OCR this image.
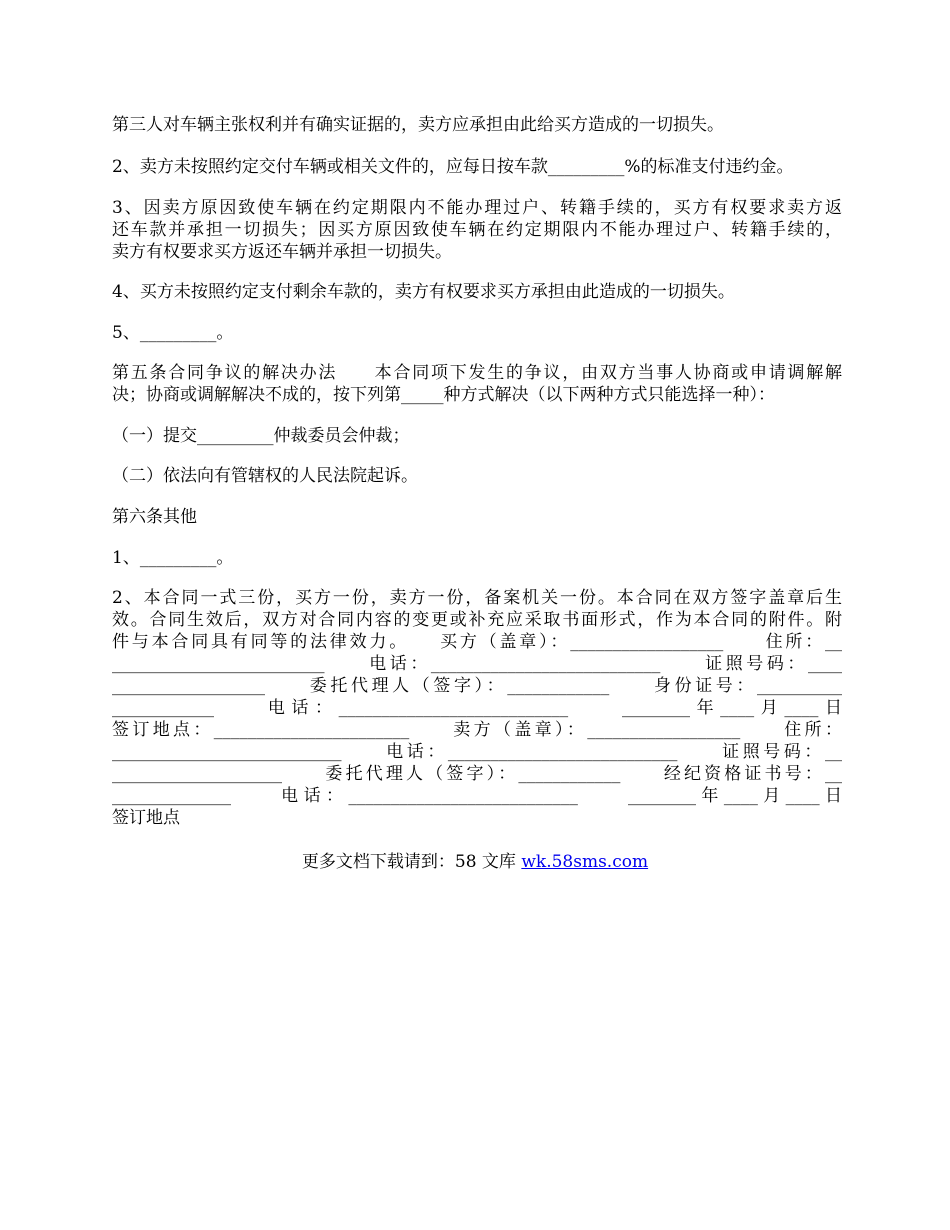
第三人对车辆主张权利并有确实证据的，卖方应承担由此给买方造成的一切损失。
2、卖方未按照约定交付车辆或相关文件的，应每日按车款_________%的标准支付违约金。
3、因卖方原因致使车辆在约定期限内不能办理过户、转籍手续的，买方有权要求卖方返
还车款并承担一切损失；因买方原因致使车辆在约定期限内不能办理过户、转籍手续的，
卖方有权要求买方返还车辆并承担一切损失。
4、买方未按照约定支付剩余车款的，卖方有权要求买方承担由此造成的一切损失。
5、_________。
第五条合同争议的解决办法　　本合同项下发生的争议，由双方当事人协商或申请调解解
决；协商或调解解决不成的，按下列第_____种方式解决（以下两种方式只能选择一种）：
（一）提交_________仲裁委员会仲裁；
（二）依法向有管辖权的人民法院起诉。
第六条其他
1、_________。
2、本合同一式三份，买方一份，卖方一份，备案机关一份。本合同在双方签字盖章后生
效。合同生效后，双方对合同内容的变更或补充应采取书面形式，作为本合同的附件。附
件与本合同具有同等的法律效力。　　买方（盖章）：__________________　　住所：__
_________________________　　电话：___________________________　　证照号码：____
__________________　　委托代理人（签字）：____________　　身份证号：__________
____________　　电话：___________________________　　________年____月____日
签订地点：_______________________　　卖方（盖章）：__________________　　住所：
___________________________　　电话：___________________________　　证照号码：__
____________________　　委托代理人（签字）：____________　　经纪资格证书号：__
______________　　电话：___________________________　　________年____月____日
签订地点
更多文档下载请到：58 文库 wk.58sms.com
